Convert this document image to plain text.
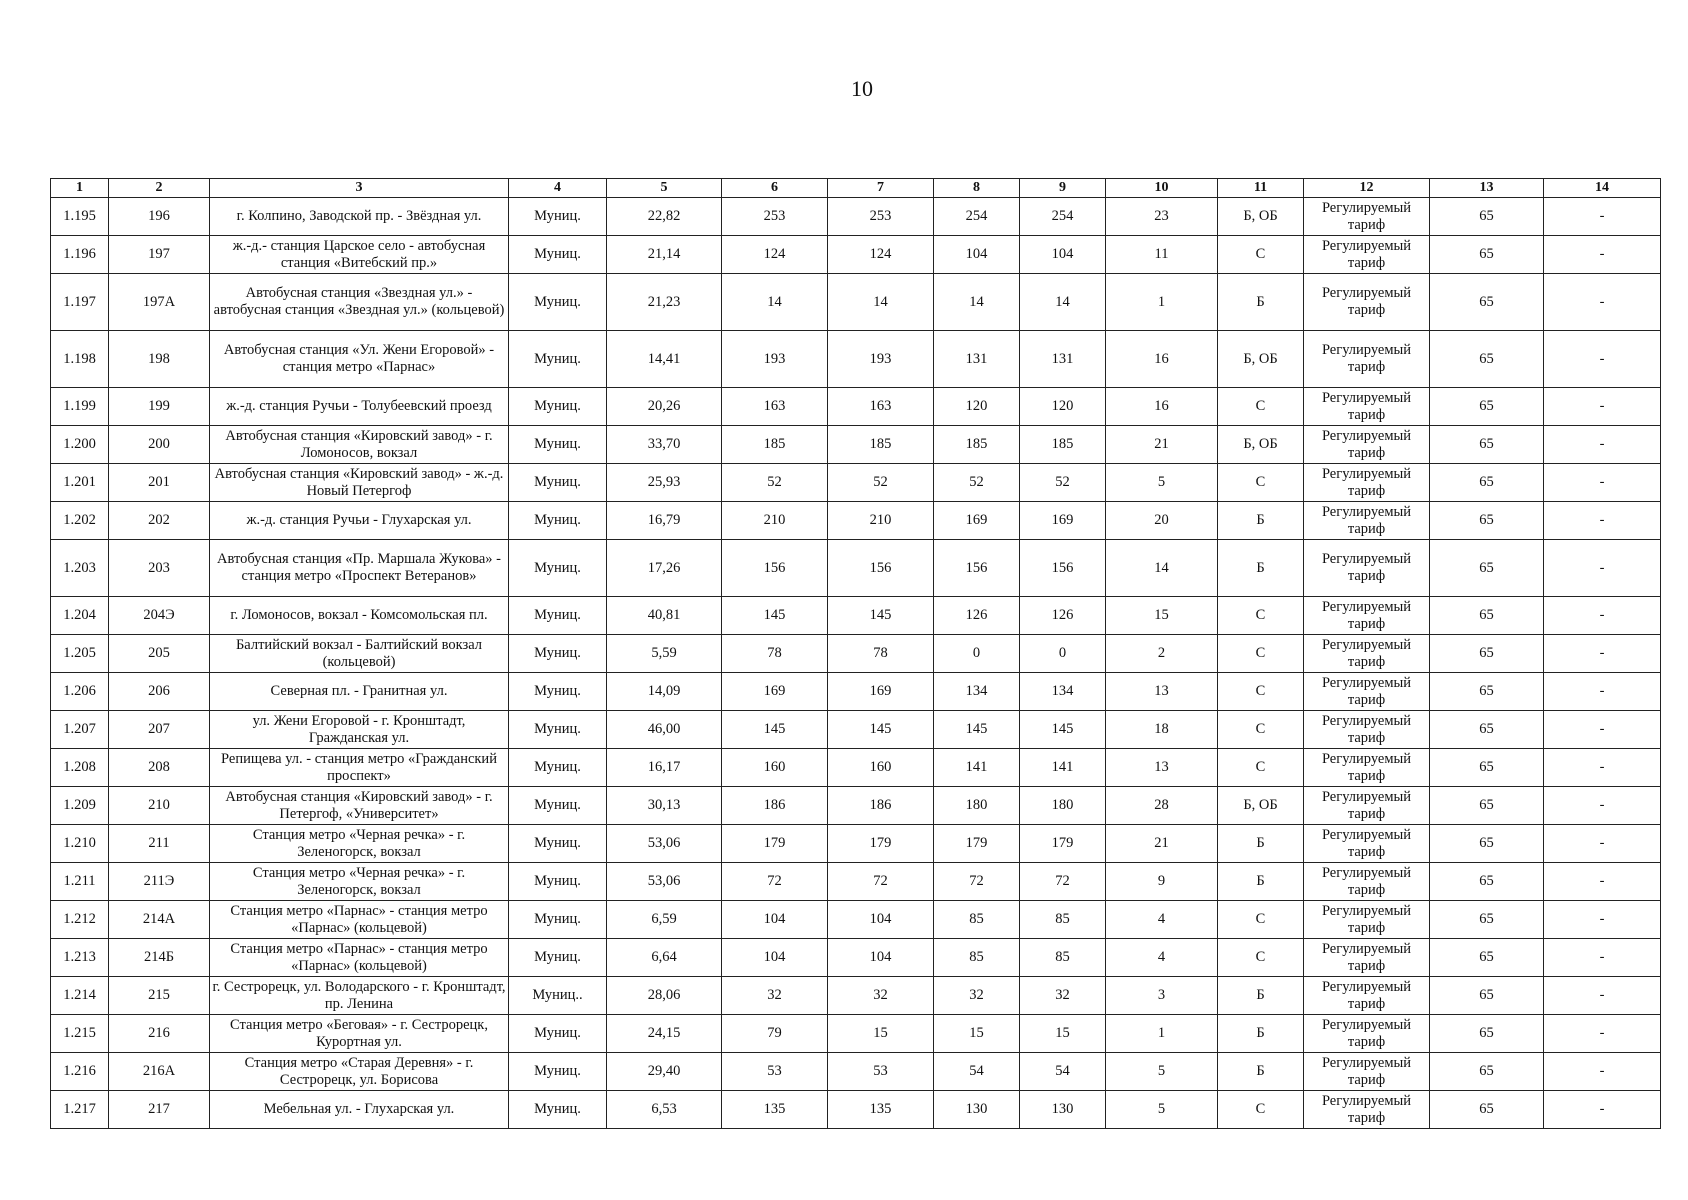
10
1	2	3	4	5	6	7	8	9	10	11	12	13	14
1.195	196	г. Колпино, Заводской пр. - Звёздная ул.	Муниц.	22,82	253	253	254	254	23	Б, ОБ	Регулируемый тариф	65	-
1.196	197	ж.-д.- станция Царское село - автобусная станция «Витебский пр.»	Муниц.	21,14	124	124	104	104	11	С	Регулируемый тариф	65	-
1.197	197А	Автобусная станция «Звездная ул.» - автобусная станция «Звездная ул.» (кольцевой)	Муниц.	21,23	14	14	14	14	1	Б	Регулируемый тариф	65	-
1.198	198	Автобусная станция «Ул. Жени Егоровой» - станция метро «Парнас»	Муниц.	14,41	193	193	131	131	16	Б, ОБ	Регулируемый тариф	65	-
1.199	199	ж.-д. станция Ручьи - Толубеевский проезд	Муниц.	20,26	163	163	120	120	16	С	Регулируемый тариф	65	-
1.200	200	Автобусная станция «Кировский завод» - г. Ломоносов, вокзал	Муниц.	33,70	185	185	185	185	21	Б, ОБ	Регулируемый тариф	65	-
1.201	201	Автобусная станция «Кировский завод» - ж.-д. Новый Петергоф	Муниц.	25,93	52	52	52	52	5	С	Регулируемый тариф	65	-
1.202	202	ж.-д. станция Ручьи - Глухарская ул.	Муниц.	16,79	210	210	169	169	20	Б	Регулируемый тариф	65	-
1.203	203	Автобусная станция «Пр. Маршала Жукова» - станция метро «Проспект Ветеранов»	Муниц.	17,26	156	156	156	156	14	Б	Регулируемый тариф	65	-
1.204	204Э	г. Ломоносов, вокзал - Комсомольская пл.	Муниц.	40,81	145	145	126	126	15	С	Регулируемый тариф	65	-
1.205	205	Балтийский вокзал - Балтийский вокзал (кольцевой)	Муниц.	5,59	78	78	0	0	2	С	Регулируемый тариф	65	-
1.206	206	Северная пл. - Гранитная ул.	Муниц.	14,09	169	169	134	134	13	С	Регулируемый тариф	65	-
1.207	207	ул. Жени Егоровой - г. Кронштадт, Гражданская ул.	Муниц.	46,00	145	145	145	145	18	С	Регулируемый тариф	65	-
1.208	208	Репищева ул. - станция метро «Гражданский проспект»	Муниц.	16,17	160	160	141	141	13	С	Регулируемый тариф	65	-
1.209	210	Автобусная станция «Кировский завод» - г. Петергоф, «Университет»	Муниц.	30,13	186	186	180	180	28	Б, ОБ	Регулируемый тариф	65	-
1.210	211	Станция метро «Черная речка» - г. Зеленогорск, вокзал	Муниц.	53,06	179	179	179	179	21	Б	Регулируемый тариф	65	-
1.211	211Э	Станция метро «Черная речка» - г. Зеленогорск, вокзал	Муниц.	53,06	72	72	72	72	9	Б	Регулируемый тариф	65	-
1.212	214А	Станция метро «Парнас» - станция метро «Парнас» (кольцевой)	Муниц.	6,59	104	104	85	85	4	С	Регулируемый тариф	65	-
1.213	214Б	Станция метро «Парнас» - станция метро «Парнас» (кольцевой)	Муниц.	6,64	104	104	85	85	4	С	Регулируемый тариф	65	-
1.214	215	г. Сестрорецк, ул. Володарского - г. Кронштадт, пр. Ленина	Муниц..	28,06	32	32	32	32	3	Б	Регулируемый тариф	65	-
1.215	216	Станция метро «Беговая» - г. Сестрорецк, Курортная ул.	Муниц.	24,15	79	15	15	15	1	Б	Регулируемый тариф	65	-
1.216	216А	Станция метро «Старая Деревня» - г. Сестрорецк, ул. Борисова	Муниц.	29,40	53	53	54	54	5	Б	Регулируемый тариф	65	-
1.217	217	Мебельная ул. - Глухарская ул.	Муниц.	6,53	135	135	130	130	5	С	Регулируемый тариф	65	-
